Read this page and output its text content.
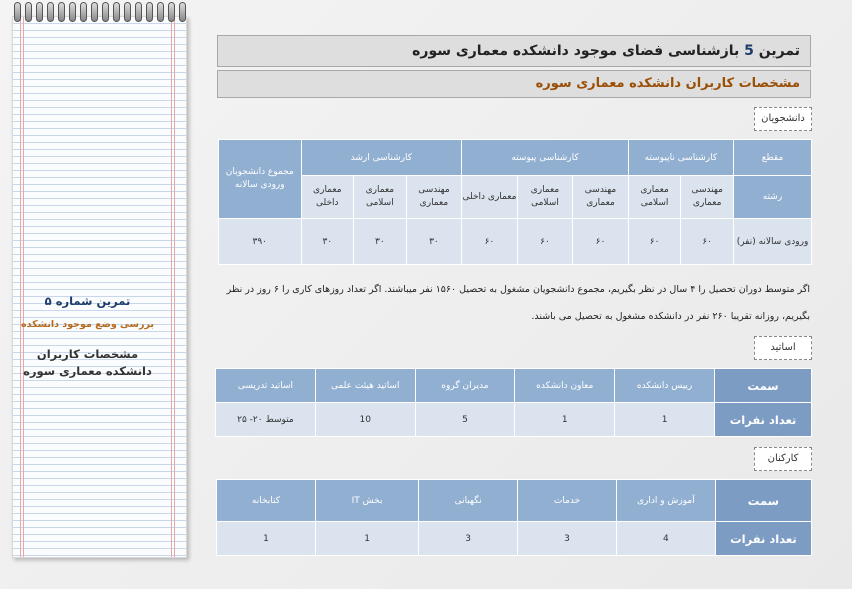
تمرین شماره ۵
بررسی وضع موجود دانشکده
مشخصات کاربران دانشکده معماری سوره
تمرین 5 بازشناسی فضای موجود دانشکده معماری سوره
مشخصات کاربران دانشکده معماری سوره
دانشجویان
مقطع	کارشناسی ناپیوسته		کارشناسی پیوسته			کارشناسی ارشد			مجموع دانشجویان ورودی سالانه
رشته	مهندسی معماری	معماری اسلامی	مهندسی معماری	معماری اسلامی	معماری داخلی	مهندسی معماری	معماری اسلامی	معماری داخلی	
ورودی سالانه (نفر)	۶۰	۶۰	۶۰	۶۰	۶۰	۳۰	۳۰	۳۰	۳۹۰
اگر متوسط دوران تحصیل را ۴ سال در نظر بگیریم، مجموع دانشجویان مشغول به تحصیل ۱۵۶۰ نفر میباشند. اگر تعداد روزهای کاری را ۶ روز در نظر
بگیریم، روزانه تقریبا ۲۶۰ نفر در دانشکده مشغول به تحصیل می باشند.
اساتید
سمت	رییس دانشکده	معاون دانشکده	مدیران گروه	اساتید هیئت علمی	اساتید تدریسی
تعداد نفرات	1	1	5	10	متوسط ۲۰- ۲۵
کارکنان
سمت	آموزش و اداری	خدمات	نگهبانی	بخش IT	کتابخانه
تعداد نفرات	4	3	3	1	1
